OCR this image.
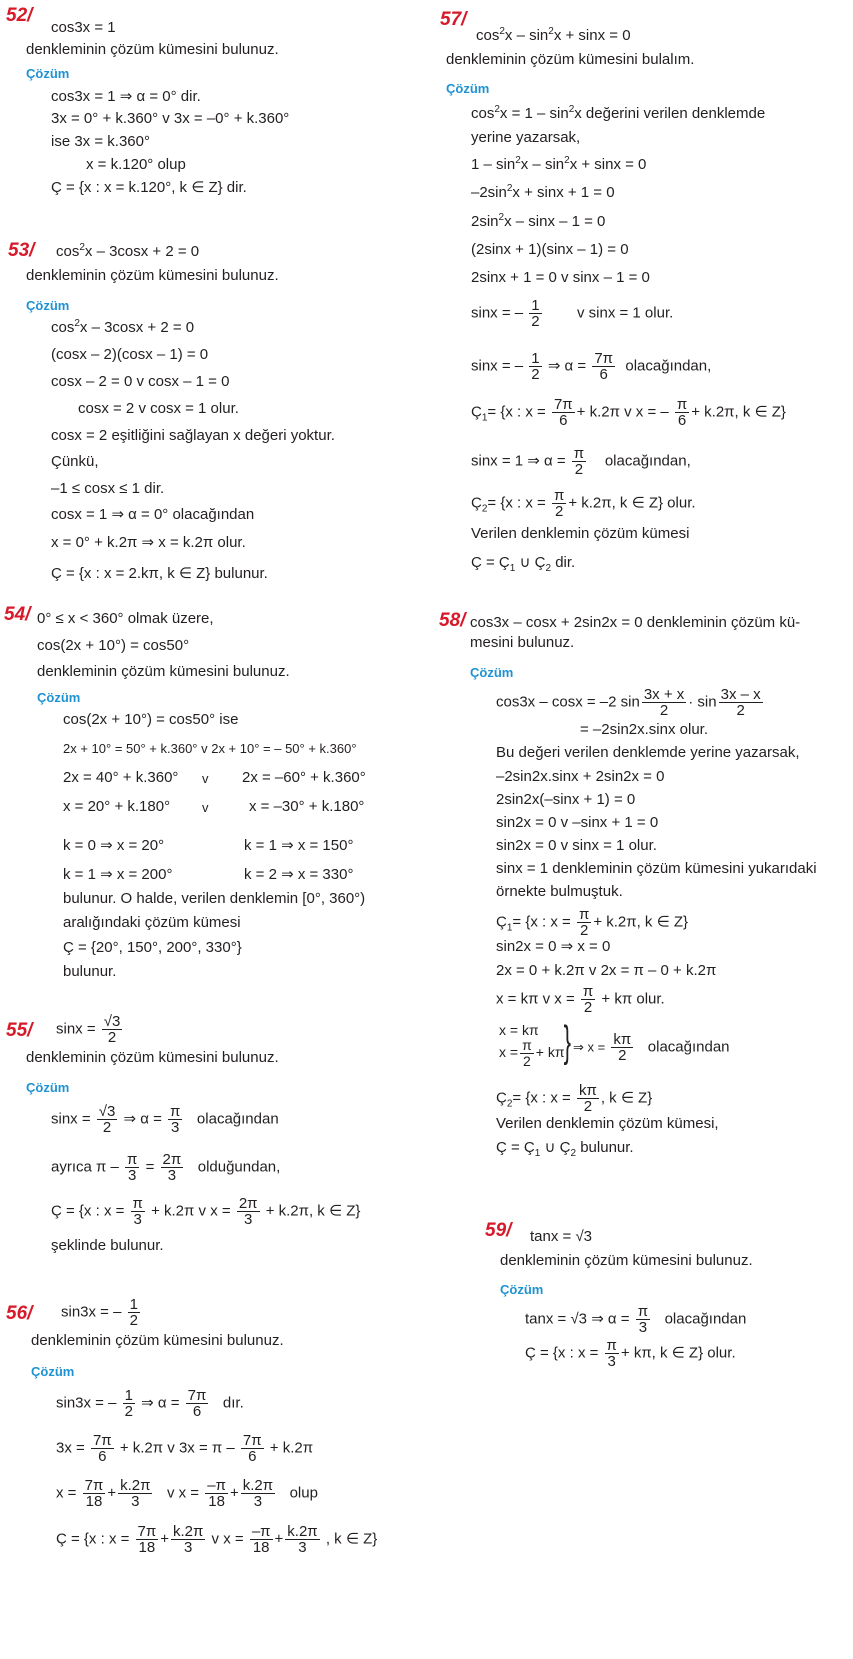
52/
cos3x = 1
denkleminin çözüm kümesini bulunuz.
Çözüm
cos3x = 1 ⇒ α = 0° dir.
3x = 0° + k.360° v 3x = –0° + k.360°
ise 3x = k.360°
x = k.120° olup
Ç = {x : x = k.120°, k ∈ Z} dir.
53/ $\cos^2x - 3\cos x + 2 = 0$
denkleminin çözüm kümesini bulunuz.
Çözüm
$\cos^2x - 3\cos x + 2 = 0$
(cosx – 2)(cosx – 1) = 0
cosx – 2 = 0 v cosx – 1 = 0
cosx = 2 v cosx = 1 olur.
cosx = 2 eşitliğini sağlayan x değeri yoktur.
Çünkü,
–1 ≤ cosx ≤ 1 dir.
cosx = 1 ⇒ α = 0° olacağından
x = 0° + k.2π ⇒ x = k.2π olur.
Ç = {x : x = 2.kπ, k ∈ Z} bulunur.
54/ 0° ≤ x < 360° olmak üzere,
cos(2x + 10°) = cos50°
denkleminin çözüm kümesini bulunuz.
Çözüm
cos(2x + 10°) = cos50° ise
2x + 10° = 50° + k.360° v 2x + 10° = – 50° + k.360°
2x = 40° + k.360° v 2x = –60° + k.360°
x = 20° + k.180° v	x = –30° + k.180°
k = 0 ⇒ x = 20°	k = 1 ⇒ x = 150°
k = 1 ⇒ x = 200°	k = 2 ⇒ x = 330°
bulunur. O halde, verilen denklemin [0°, 360°)
aralığındaki çözüm kümesi
Ç = {20°, 150°, 200°, 330°}
bulunur.
55/ $\sin x = \frac{√3}{2}$
denkleminin çözüm kümesini bulunuz.
Çözüm
$\sin x = \frac{√3}{2}$ ⇒ $\alpha = \frac{\pi}{3}$ olacağından
ayrıca $\pi - \frac{\pi}{3} = \frac{2\pi}{3}$ olduğundan,
Ç = {x : $x = \frac{\pi}{3} + k.2\pi$ v $x = \frac{2\pi}{3} + k.2\pi$, k ∈ Z}
şeklinde bulunur.
56/ sin3x = – $\frac{1}{2}$
denkleminin çözüm kümesini bulunuz.
Çözüm
sin3x = – $\frac{1}{2}$ ⇒ $\alpha = \frac{7\pi}{6}$ dır.
$3x = \frac{7\pi}{6} + k.2\pi$ v $3x = \pi - \frac{7\pi}{6} + k.2\pi$
$x = \frac{7\pi}{18} + \frac{k.2\pi}{3}$ v $x = \frac{-\pi}{18} + \frac{k.2\pi}{3}$ olup
Ç = {x : $x = \frac{7\pi}{18} + \frac{k.2\pi}{3}$ v $x = \frac{-\pi}{18} + \frac{k.2\pi}{3}$ , k ∈ Z}
57/
$\cos^2x - \sin^2x + \sin x = 0$
denkleminin çözüm kümesini bulalım.
Çözüm
$\cos^2x = 1 - \sin^2x$ değerini verilen denklemde
yerine yazarsak,
$1 - \sin^2x - \sin^2x + \sin x = 0$
$-2\sin^2x + \sin x + 1 = 0$
$2\sin^2x - \sin x - 1 = 0$
(2sinx + 1)(sinx – 1) = 0
2sinx + 1 = 0 v sinx – 1 = 0
sinx = – $\frac{1}{2}$ v sinx = 1 olur.
sinx = – $\frac{1}{2}$ ⇒ $\alpha = \frac{7\pi}{6}$ olacağından,
$Ç_1= \{x$ : $x = \frac{7\pi}{6} + k.2\pi$ v x = – $\frac{\pi}{6} + k.2\pi$, k ∈ Z}
sinx = 1 ⇒ $\alpha = \frac{\pi}{2}$ olacağından,
$Ç_2= \{x$ : $x = \frac{\pi}{2} + k.2\pi$, k ∈ Z} olur.
Verilen denklemin çözüm kümesi
Ç = $Ç_1$ ∪ $Ç_2$ dir.
58/ cos3x – cosx + 2sin2x = 0 denkleminin çözüm kü-
mesini bulunuz.
Çözüm
cos3x – cosx = –2 $\sin \frac{3x + x}{2} \cdot \sin \frac{3x - x}{2}$
= –2sin2x.sinx olur.
Bu değeri verilen denklemde yerine yazarsak,
–2sin2x.sinx + 2sin2x = 0
2sin2x(–sinx + 1) = 0
sin2x = 0 v –sinx + 1 = 0
sin2x = 0 v sinx = 1 olur.
sinx = 1 denkleminin çözüm kümesini yukarıdaki
örnekte bulmuştuk.
$Ç_1= \{x$ : $x = \frac{\pi}{2} + k.2\pi$, k ∈ Z}
sin2x = 0 ⇒ x = 0
2x = 0 + k.2π v 2x = π – 0 + k.2π
x = kπ v $x = \frac{\pi}{2} + k\pi$ olur.
x = kπ
$x = \frac{\pi}{2} + k\pi$ } ⇒ $x = \frac{k\pi}{2}$ olacağından
$Ç_2= \{x$ : $x = \frac{k\pi}{2}$ , k ∈ Z}
Verilen denklemin çözüm kümesi,
Ç = $Ç_1$ ∪ $Ç_2$ bulunur.
59/ tanx = √3
denkleminin çözüm kümesini bulunuz.
Çözüm
tanx = √3 ⇒ $\alpha = \frac{\pi}{3}$ olacağından
Ç = {x : $x = \frac{\pi}{3} + k\pi$, k ∈ Z} olur.
